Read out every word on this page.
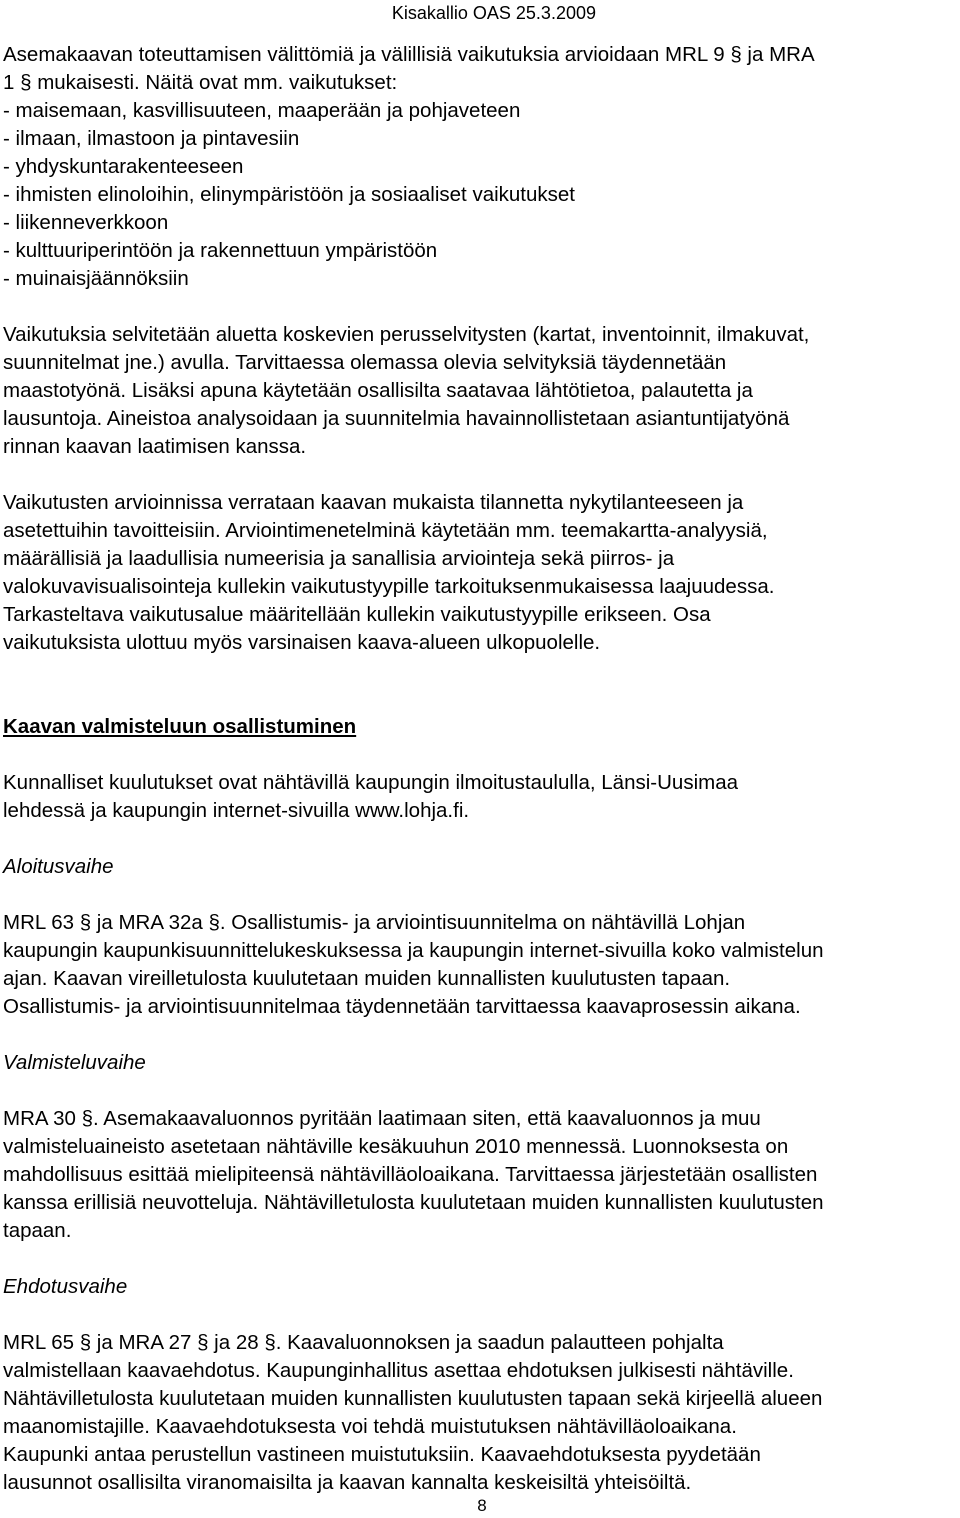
Kisakallio OAS 25.3.2009
Asemakaavan toteuttamisen välittömiä ja välillisiä vaikutuksia arvioidaan MRL 9 § ja MRA
1 § mukaisesti. Näitä ovat mm. vaikutukset:
- maisemaan, kasvillisuuteen, maaperään ja pohjaveteen
- ilmaan, ilmastoon ja pintavesiin
- yhdyskuntarakenteeseen
- ihmisten elinoloihin, elinympäristöön ja sosiaaliset vaikutukset
- liikenneverkkoon
- kulttuuriperintöön ja rakennettuun ympäristöön
- muinaisjäännöksiin
Vaikutuksia selvitetään aluetta koskevien perusselvitysten (kartat, inventoinnit, ilmakuvat,
suunnitelmat jne.) avulla. Tarvittaessa olemassa olevia selvityksiä täydennetään
maastotyönä. Lisäksi apuna käytetään osallisilta saatavaa lähtötietoa, palautetta ja
lausuntoja. Aineistoa analysoidaan ja suunnitelmia havainnollistetaan asiantuntijatyönä
rinnan kaavan laatimisen kanssa.
Vaikutusten arvioinnissa verrataan kaavan mukaista tilannetta nykytilanteeseen ja
asetettuihin tavoitteisiin. Arviointimenetelminä käytetään mm. teemakartta-analyysiä,
määrällisiä ja laadullisia numeerisia ja sanallisia arviointeja sekä piirros- ja
valokuvavisualisointeja kullekin vaikutustyypille tarkoituksenmukaisessa laajuudessa.
Tarkasteltava vaikutusalue määritellään kullekin vaikutustyypille erikseen. Osa
vaikutuksista ulottuu myös varsinaisen kaava-alueen ulkopuolelle.
Kaavan valmisteluun osallistuminen
Kunnalliset kuulutukset ovat nähtävillä kaupungin ilmoitustaululla, Länsi-Uusimaa
lehdessä ja kaupungin internet-sivuilla www.lohja.fi.
Aloitusvaihe
MRL 63 § ja MRA 32a §. Osallistumis- ja arviointisuunnitelma on nähtävillä Lohjan
kaupungin kaupunkisuunnittelukeskuksessa ja kaupungin internet-sivuilla koko valmistelun
ajan. Kaavan vireilletulosta kuulutetaan muiden kunnallisten kuulutusten tapaan.
Osallistumis- ja arviointisuunnitelmaa täydennetään tarvittaessa kaavaprosessin aikana.
Valmisteluvaihe
MRA 30 §. Asemakaavaluonnos pyritään laatimaan siten, että kaavaluonnos ja muu
valmisteluaineisto asetetaan nähtäville kesäkuuhun 2010 mennessä. Luonnoksesta on
mahdollisuus esittää mielipiteensä nähtävilläoloaikana. Tarvittaessa järjestetään osallisten
kanssa erillisiä neuvotteluja. Nähtävilletulosta kuulutetaan muiden kunnallisten kuulutusten
tapaan.
Ehdotusvaihe
MRL 65 § ja MRA 27 § ja 28 §. Kaavaluonnoksen ja saadun palautteen pohjalta
valmistellaan kaavaehdotus. Kaupunginhallitus asettaa ehdotuksen julkisesti nähtäville.
Nähtävilletulosta kuulutetaan muiden kunnallisten kuulutusten tapaan sekä kirjeellä alueen
maanomistajille. Kaavaehdotuksesta voi tehdä muistutuksen nähtävilläoloaikana.
Kaupunki antaa perustellun vastineen muistutuksiin. Kaavaehdotuksesta pyydetään
lausunnot osallisilta viranomaisilta ja kaavan kannalta keskeisiltä yhteisöiltä.
8
